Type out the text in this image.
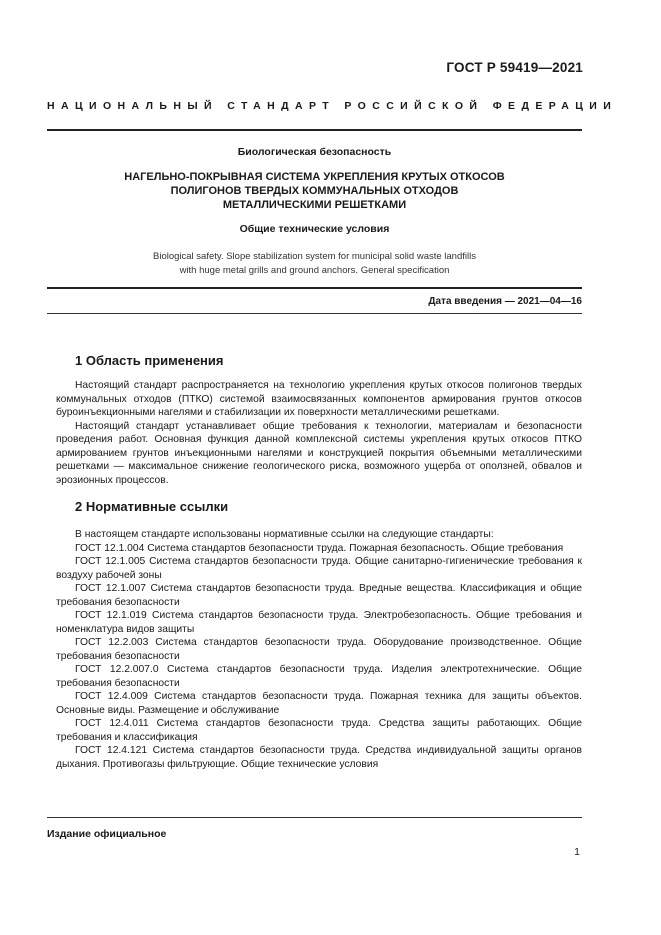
ГОСТ Р 59419—2021
НАЦИОНАЛЬНЫЙ СТАНДАРТ РОССИЙСКОЙ ФЕДЕРАЦИИ
Биологическая безопасность
НАГЕЛЬНО-ПОКРЫВНАЯ СИСТЕМА УКРЕПЛЕНИЯ КРУТЫХ ОТКОСОВ
ПОЛИГОНОВ ТВЕРДЫХ КОММУНАЛЬНЫХ ОТХОДОВ
МЕТАЛЛИЧЕСКИМИ РЕШЕТКАМИ
Общие технические условия
Biological safety. Slope stabilization system for municipal solid waste landfills
with huge metal grills and ground anchors. General specification
Дата введения — 2021—04—16
1 Область применения

Настоящий стандарт распространяется на технологию укрепления крутых откосов полигонов твердых коммунальных отходов (ПТКО) системой взаимосвязанных компонентов армирования грунтов откосов буроинъекционными нагелями и стабилизации их поверхности металлическими решетками.

Настоящий стандарт устанавливает общие требования к технологии, материалам и безопасности проведения работ. Основная функция данной комплексной системы укрепления крутых откосов ПТКО армированием грунтов инъекционными нагелями и конструкцией покрытия объемными металлическими решетками — максимальное снижение геологического риска, возможного ущерба от оползней, обвалов и эрозионных процессов.

2 Нормативные ссылки

В настоящем стандарте использованы нормативные ссылки на следующие стандарты:

ГОСТ 12.1.004 Система стандартов безопасности труда. Пожарная безопасность. Общие требования

ГОСТ 12.1.005 Система стандартов безопасности труда. Общие санитарно-гигиенические требования к воздуху рабочей зоны

ГОСТ 12.1.007 Система стандартов безопасности труда. Вредные вещества. Классификация и общие требования безопасности

ГОСТ 12.1.019 Система стандартов безопасности труда. Электробезопасность. Общие требования и номенклатура видов защиты

ГОСТ 12.2.003 Система стандартов безопасности труда. Оборудование производственное. Общие требования безопасности

ГОСТ 12.2.007.0 Система стандартов безопасности труда. Изделия электротехнические. Общие требования безопасности

ГОСТ 12.4.009 Система стандартов безопасности труда. Пожарная техника для защиты объектов. Основные виды. Размещение и обслуживание

ГОСТ 12.4.011 Система стандартов безопасности труда. Средства защиты работающих. Общие требования и классификация

ГОСТ 12.4.121 Система стандартов безопасности труда. Средства индивидуальной защиты органов дыхания. Противогазы фильтрующие. Общие технические условия

Издание официальное
1
